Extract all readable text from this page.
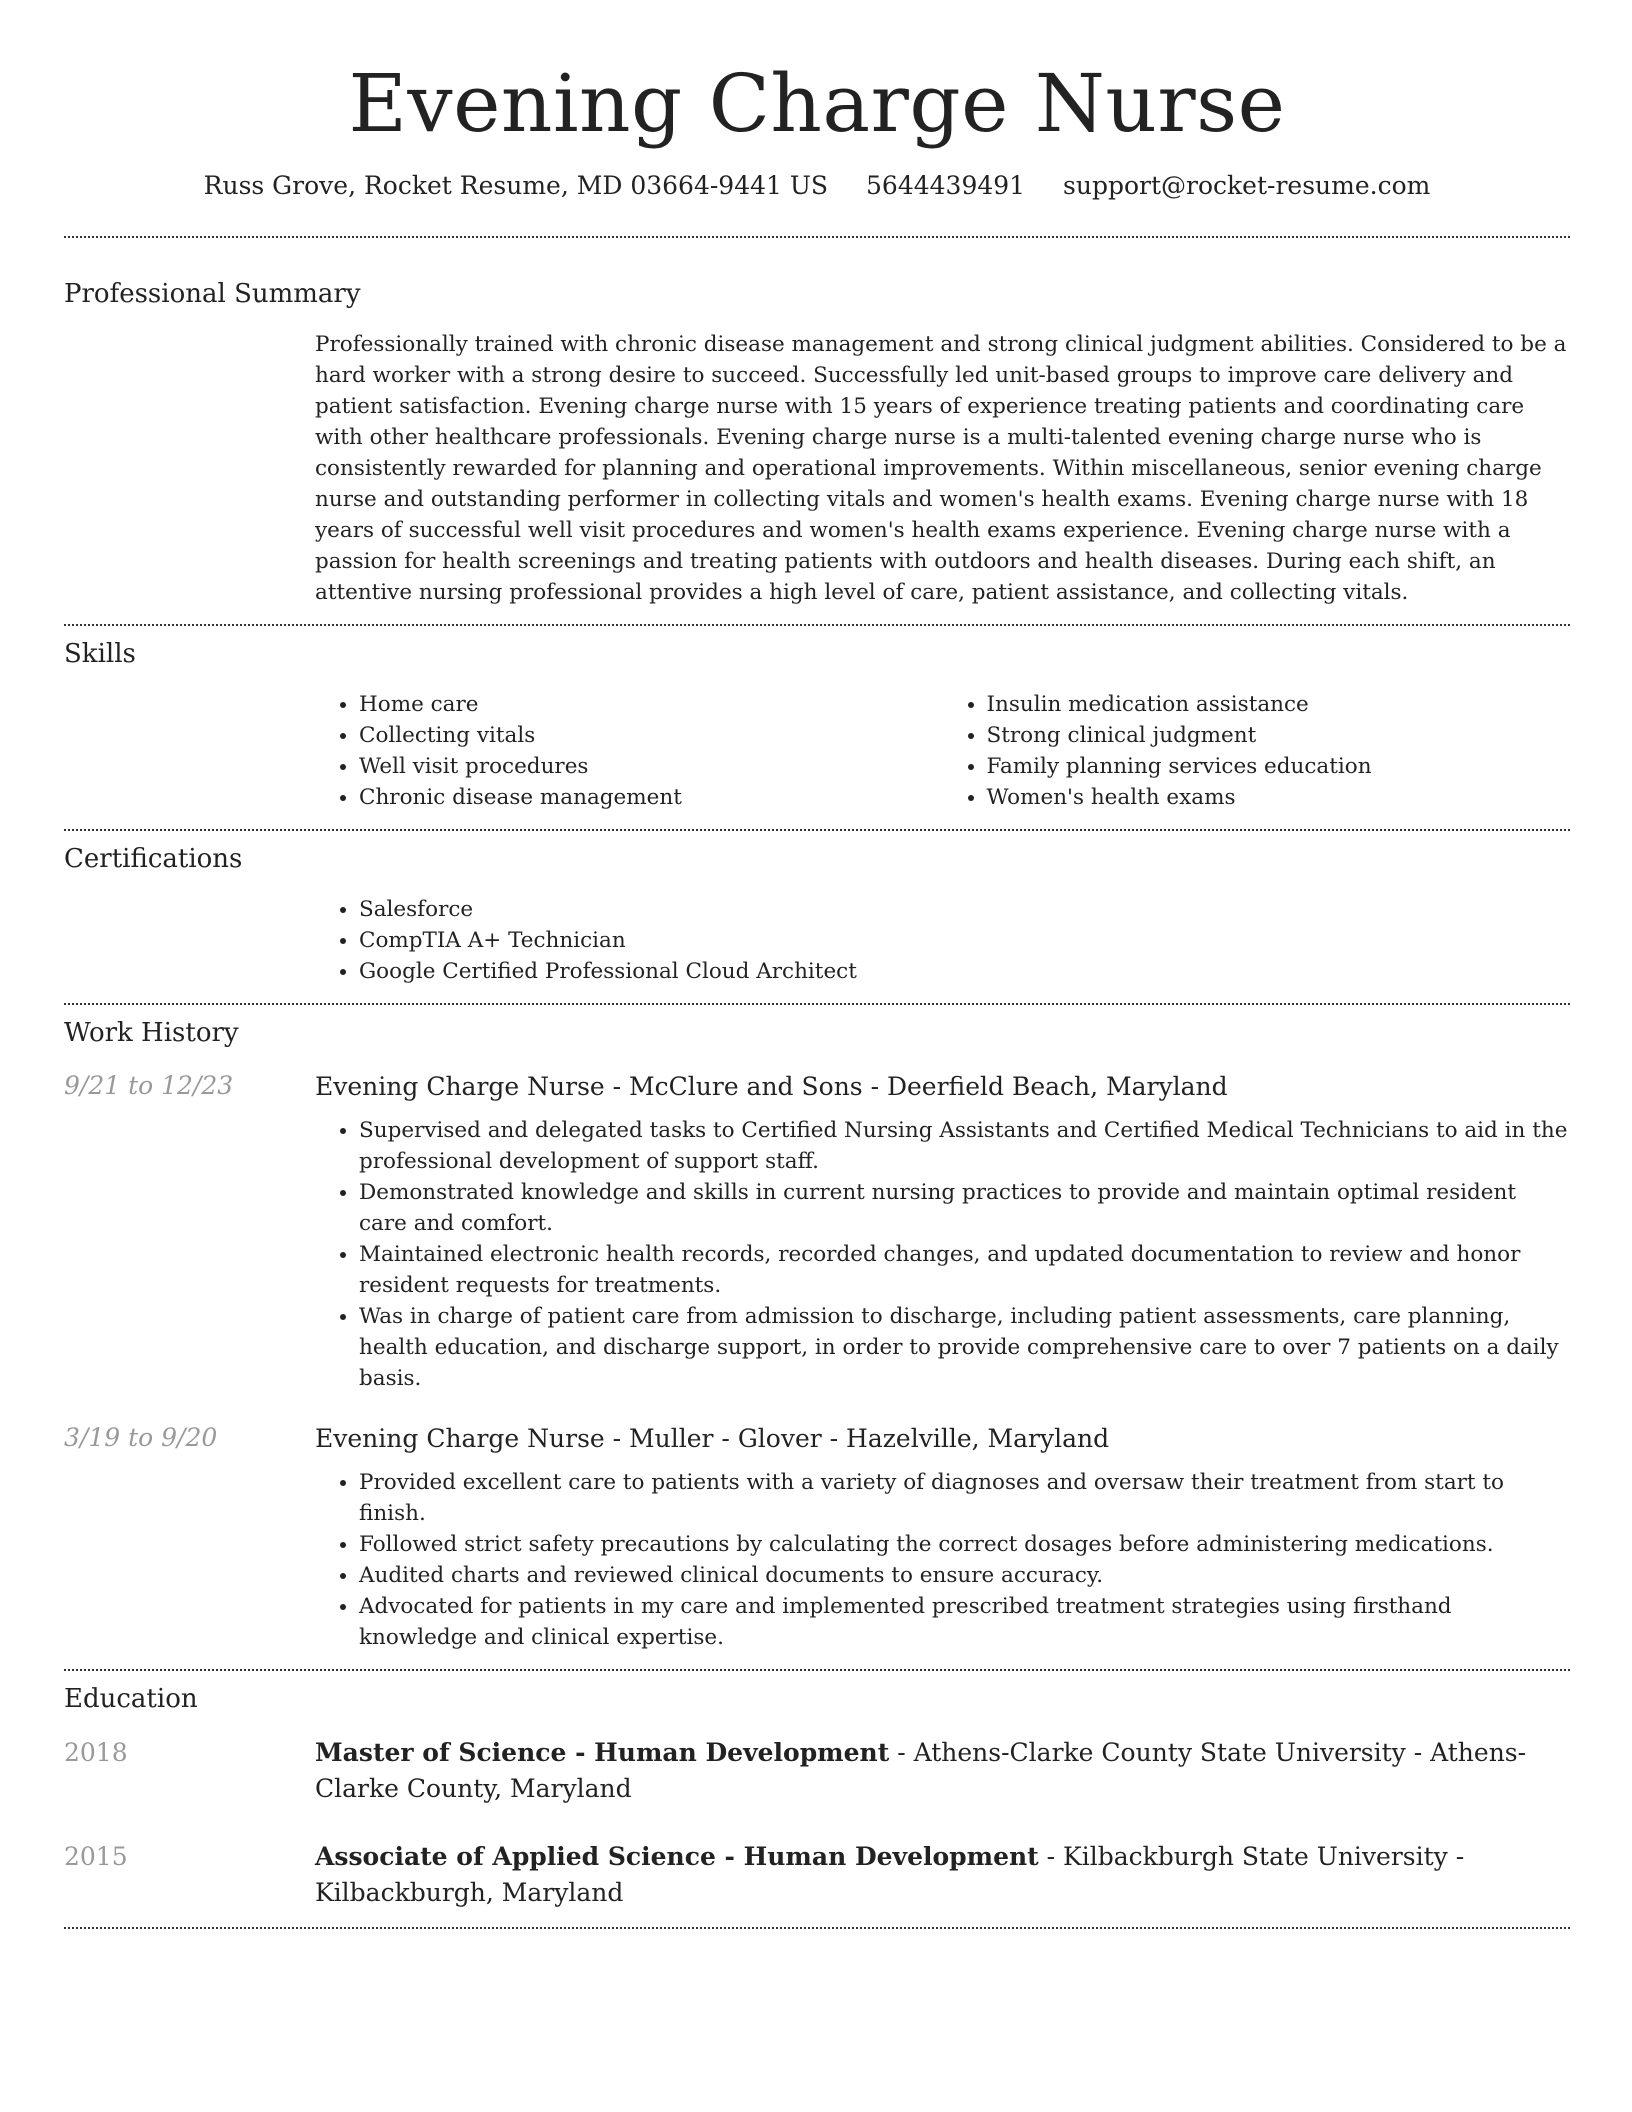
Evening Charge Nurse
Russ Grove, Rocket Resume, MD 03664-9441 US 5644439491 support@rocket-resume.com
Professional Summary
Professionally trained with chronic disease management and strong clinical judgment abilities. Considered to be a hard worker with a strong desire to succeed. Successfully led unit-based groups to improve care delivery and patient satisfaction. Evening charge nurse with 15 years of experience treating patients and coordinating care with other healthcare professionals. Evening charge nurse is a multi-talented evening charge nurse who is consistently rewarded for planning and operational improvements. Within miscellaneous, senior evening charge nurse and outstanding performer in collecting vitals and women's health exams. Evening charge nurse with 18 years of successful well visit procedures and women's health exams experience. Evening charge nurse with a passion for health screenings and treating patients with outdoors and health diseases. During each shift, an attentive nursing professional provides a high level of care, patient assistance, and collecting vitals.
Skills
• Home care
• Collecting vitals
• Well visit procedures
• Chronic disease management
• Insulin medication assistance
• Strong clinical judgment
• Family planning services education
• Women's health exams
Certifications
• Salesforce
• CompTIA A+ Technician
• Google Certified Professional Cloud Architect
Work History
9/21 to 12/23	Evening Charge Nurse - McClure and Sons - Deerfield Beach, Maryland
• Supervised and delegated tasks to Certified Nursing Assistants and Certified Medical Technicians to aid in the professional development of support staff.
• Demonstrated knowledge and skills in current nursing practices to provide and maintain optimal resident care and comfort.
• Maintained electronic health records, recorded changes, and updated documentation to review and honor resident requests for treatments.
• Was in charge of patient care from admission to discharge, including patient assessments, care planning, health education, and discharge support, in order to provide comprehensive care to over 7 patients on a daily basis.
3/19 to 9/20	Evening Charge Nurse - Muller - Glover - Hazelville, Maryland
• Provided excellent care to patients with a variety of diagnoses and oversaw their treatment from start to finish.
• Followed strict safety precautions by calculating the correct dosages before administering medications.
• Audited charts and reviewed clinical documents to ensure accuracy.
• Advocated for patients in my care and implemented prescribed treatment strategies using firsthand knowledge and clinical expertise.
Education
2018	Master of Science - Human Development - Athens-Clarke County State University - Athens-Clarke County, Maryland
2015	Associate of Applied Science - Human Development - Kilbackburgh State University - Kilbackburgh, Maryland
